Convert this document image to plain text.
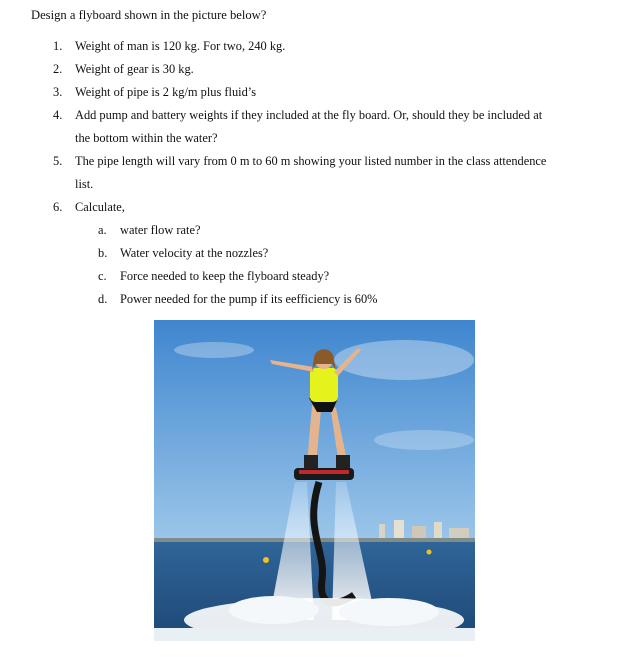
Design a flyboard shown in the picture below?
1.	Weight of man is 120 kg. For two, 240 kg.
2.	Weight of gear is 30 kg.
3.	Weight of pipe is 2 kg/m plus fluid’s
4.	Add pump and battery weights if they included at the fly board. Or, should they be included at
the bottom within the water?
5.	The pipe length will vary from 0 m to 60 m showing your listed number in the class attendence
list.
6.	Calculate,
a. water flow rate?
b. Water velocity at the nozzles?
c. Force needed to keep the flyboard steady?
d. Power needed for the pump if its eefficiency is 60%
